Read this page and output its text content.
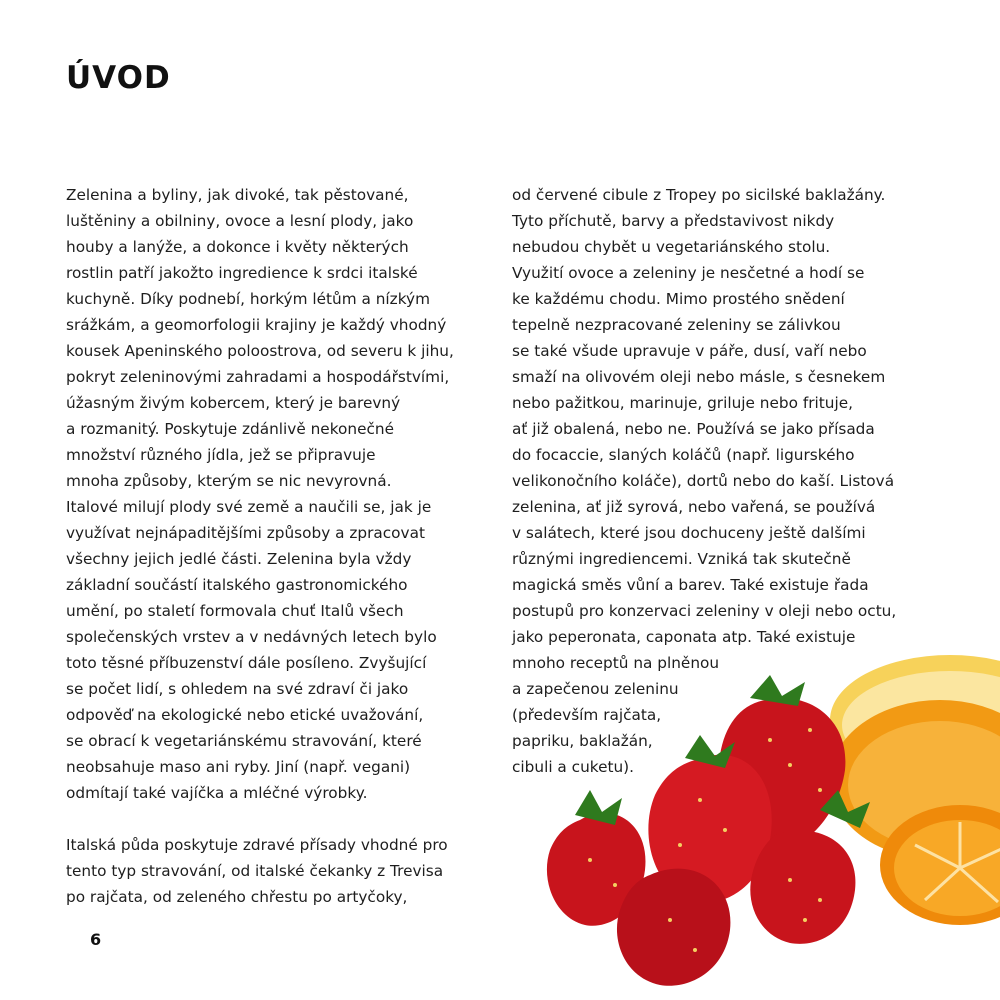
ÚVOD
Zelenina a byliny, jak divoké, tak pěstované,
luštěniny a obilniny, ovoce a lesní plody, jako
houby a lanýže, a dokonce i květy některých
rostlin patří jakožto ingredience k srdci italské
kuchyně. Díky podnebí, horkým létům a nízkým
srážkám, a geomorfologii krajiny je každý vhodný
kousek Apeninského poloostrova, od severu k jihu,
pokryt zeleninovými zahradami a hospodářstvími,
úžasným živým kobercem, který je barevný
a rozmanitý. Poskytuje zdánlivě nekonečné
množství různého jídla, jež se připravuje
mnoha způsoby, kterým se nic nevyrovná.
Italové milují plody své země a naučili se, jak je
využívat nejnápaditějšími způsoby a zpracovat
všechny jejich jedlé části. Zelenina byla vždy
základní součástí italského gastronomického
umění, po staletí formovala chuť Italů všech
společenských vrstev a v nedávných letech bylo
toto těsné příbuzenství dále posíleno. Zvyšující
se počet lidí, s ohledem na své zdraví či jako
odpověď na ekologické nebo etické uvažování,
se obrací k vegetariánskému stravování, které
neobsahuje maso ani ryby. Jiní (např. vegani)
odmítají také vajíčka a mléčné výrobky.
Italská půda poskytuje zdravé přísady vhodné pro
tento typ stravování, od italské čekanky z Trevisa
po rajčata, od zeleného chřestu po artyčoky,
od červené cibule z Tropey po sicilské baklažány.
Tyto příchutě, barvy a představivost nikdy
nebudou chybět u vegetariánského stolu.
Využití ovoce a zeleniny je nesčetné a hodí se
ke každému chodu. Mimo prostého snědení
tepelně nezpracované zeleniny se zálivkou
se také všude upravuje v páře, dusí, vaří nebo
smaží na olivovém oleji nebo másle, s česnekem
nebo pažitkou, marinuje, griluje nebo frituje,
ať již obalená, nebo ne. Používá se jako přísada
do focaccie, slaných koláčů (např. ligurského
velikonočního koláče), dortů nebo do kaší. Listová
zelenina, ať již syrová, nebo vařená, se používá
v salátech, které jsou dochuceny ještě dalšími
různými ingrediencemi. Vzniká tak skutečně
magická směs vůní a barev. Také existuje řada
postupů pro konzervaci zeleniny v oleji nebo octu,
jako peperonata, caponata atp. Také existuje
mnoho receptů na plněnou
a zapečenou zeleninu
(především rajčata,
papriku, baklažán,
cibuli a cuketu).
6
